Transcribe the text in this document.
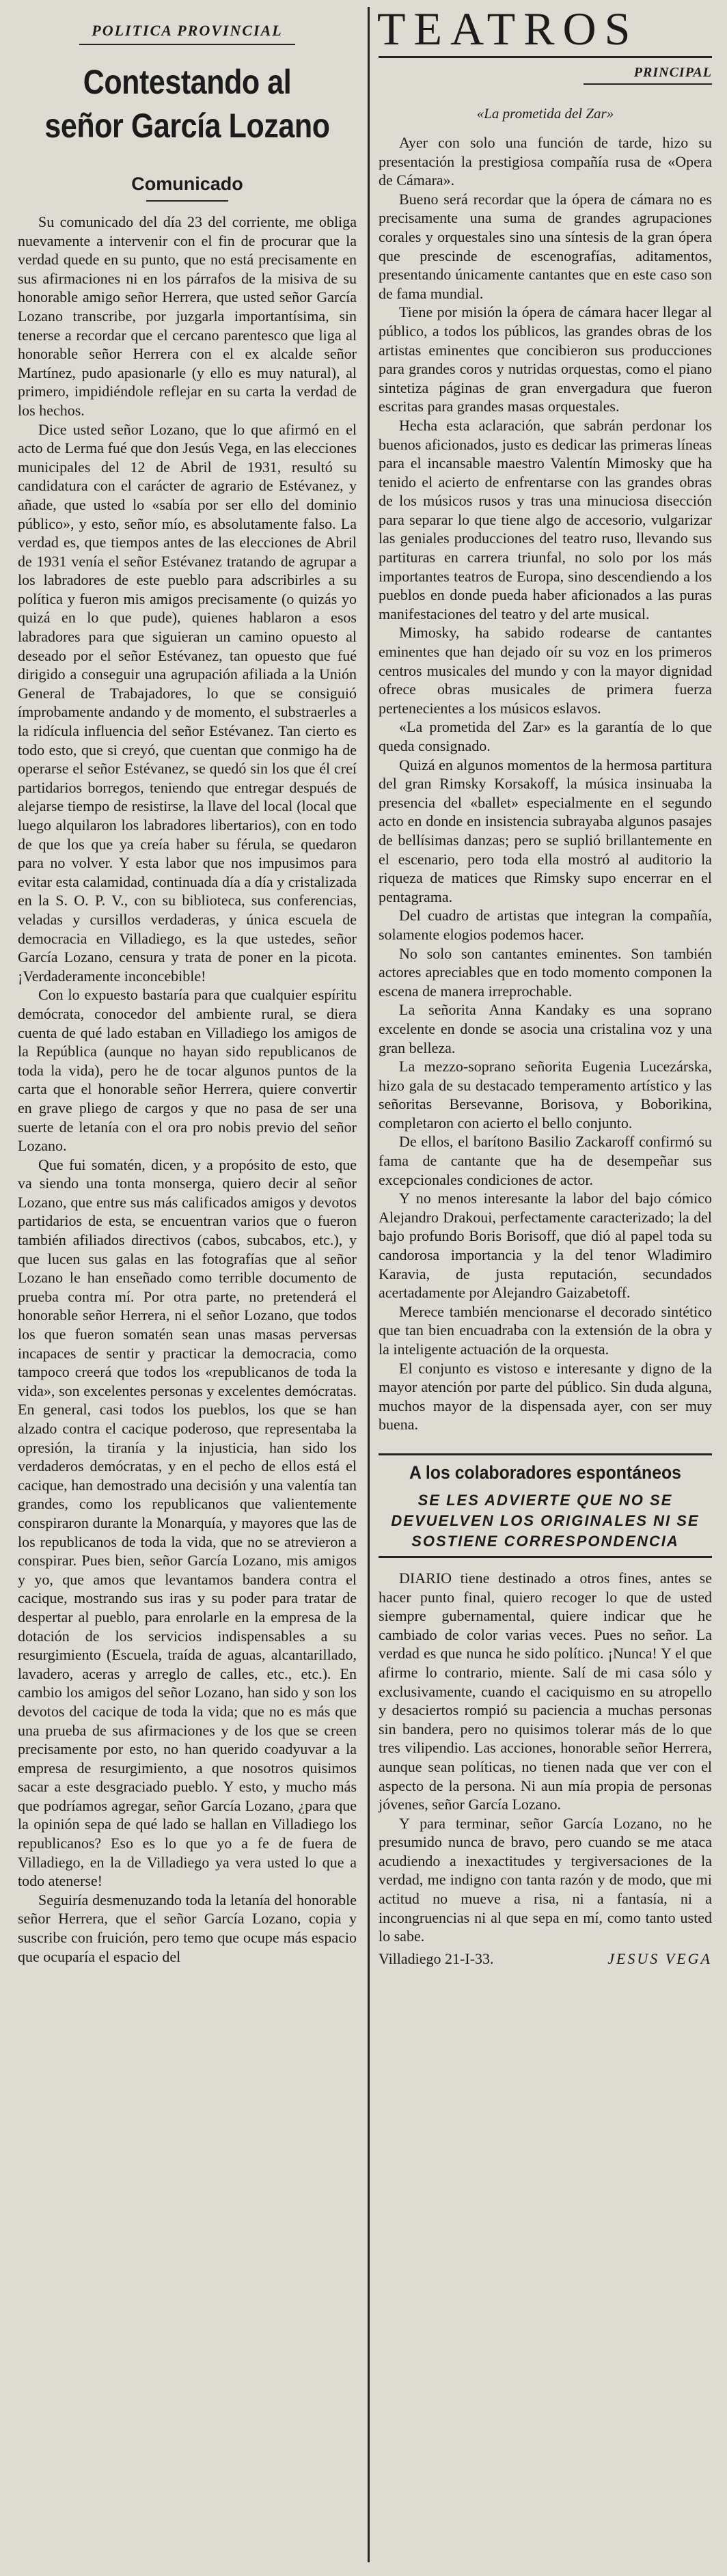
POLITICA PROVINCIAL
Contestando al señor García Lozano
Comunicado

Su comunicado del día 23 del corriente, me obliga nuevamente a intervenir con el fin de procurar que la verdad quede en su punto, que no está precisamente en sus afirmaciones ni en los párrafos de la misiva de su honorable amigo señor Herrera, que usted señor García Lozano transcribe, por juzgarla importantísima, sin tenerse a recordar que el cercano parentesco que liga al honorable señor Herrera con el ex alcalde señor Martínez, pudo apasionarle (y ello es muy natural), al primero, impidiéndole reflejar en su carta la verdad de los hechos.

Dice usted señor Lozano, que lo que afirmó en el acto de Lerma fué que don Jesús Vega, en las elecciones municipales del 12 de Abril de 1931, resultó su candidatura con el carácter de agrario de Estévanez, y añade, que usted lo «sabía por ser ello del dominio público», y esto, señor mío, es absolutamente falso. La verdad es, que tiempos antes de las elecciones de Abril de 1931 venía el señor Estévanez tratando de agrupar a los labradores de este pueblo para adscribirles a su política y fueron mis amigos precisamente (o quizás yo quizá en lo que pude), quienes hablaron a esos labradores para que siguieran un camino opuesto al deseado por el señor Estévanez, tan opuesto que fué dirigido a conseguir una agrupación afiliada a la Unión General de Trabajadores, lo que se consiguió ímprobamente andando y de momento, el substraerles a la ridícula influencia del señor Estévanez. Tan cierto es todo esto, que si creyó, que cuentan que conmigo ha de operarse el señor Estévanez, se quedó sin los que él creí partidarios borregos, teniendo que entregar después de alejarse tiempo de resistirse, la llave del local (local que luego alquilaron los labradores libertarios), con en todo de que los que ya creía haber su férula, se quedaron para no volver. Y esta labor que nos impusimos para evitar esta calamidad, continuada día a día y cristalizada en la S. O. P. V., con su biblioteca, sus conferencias, veladas y cursillos verdaderas, y única escuela de democracia en Villadiego, es la que ustedes, señor García Lozano, censura y trata de poner en la picota. ¡Verdaderamente inconcebible!

Con lo expuesto bastaría para que cualquier espíritu demócrata, conocedor del ambiente rural, se diera cuenta de qué lado estaban en Villadiego los amigos de la República (aunque no hayan sido republicanos de toda la vida), pero he de tocar algunos puntos de la carta que el honorable señor Herrera, quiere convertir en grave pliego de cargos y que no pasa de ser una suerte de letanía con el ora pro nobis previo del señor Lozano.

Que fui somatén, dicen, y a propósito de esto, que va siendo una tonta monserga, quiero decir al señor Lozano, que entre sus más calificados amigos y devotos partidarios de esta, se encuentran varios que o fueron también afiliados directivos (cabos, subcabos, etc.), y que lucen sus galas en las fotografías que al señor Lozano le han enseñado como terrible documento de prueba contra mí. Por otra parte, no pretenderá el honorable señor Herrera, ni el señor Lozano, que todos los que fueron somatén sean unas masas perversas incapaces de sentir y practicar la democracia, como tampoco creerá que todos los «republicanos de toda la vida», son excelentes personas y excelentes demócratas. En general, casi todos los pueblos, los que se han alzado contra el cacique poderoso, que representaba la opresión, la tiranía y la injusticia, han sido los verdaderos demócratas, y en el pecho de ellos está el cacique, han demostrado una decisión y una valentía tan grandes, como los republicanos que valientemente conspiraron durante la Monarquía, y mayores que las de los republicanos de toda la vida, que no se atrevieron a conspirar. Pues bien, señor García Lozano, mis amigos y yo, que amos que levantamos bandera contra el cacique, mostrando sus iras y su poder para tratar de despertar al pueblo, para enrolarle en la empresa de la dotación de los servicios indispensables a su resurgimiento (Escuela, traída de aguas, alcantarillado, lavadero, aceras y arreglo de calles, etc., etc.). En cambio los amigos del señor Lozano, han sido y son los devotos del cacique de toda la vida; que no es más que una prueba de sus afirmaciones y de los que se creen precisamente por esto, no han querido coadyuvar a la empresa de resurgimiento, a que nosotros quisimos sacar a este desgraciado pueblo. Y esto, y mucho más que podríamos agregar, señor García Lozano, ¿para que la opinión sepa de qué lado se hallan en Villadiego los republicanos? Eso es lo que yo a fe de fuera de Villadiego, en la de Villadiego ya vera usted lo que a todo atenerse!

Seguiría desmenuzando toda la letanía del honorable señor Herrera, que el señor García Lozano, copia y suscribe con fruición, pero temo que ocupe más espacio que ocuparía el espacio del

TEATROS
PRINCIPAL
«La prometida del Zar»

Ayer con solo una función de tarde, hizo su presentación la prestigiosa compañía rusa de «Opera de Cámara».

Bueno será recordar que la ópera de cámara no es precisamente una suma de grandes agrupaciones corales y orquestales sino una síntesis de la gran ópera que prescinde de escenografías, aditamentos, presentando únicamente cantantes que en este caso son de fama mundial.

Tiene por misión la ópera de cámara hacer llegar al público, a todos los públicos, las grandes obras de los artistas eminentes que concibieron sus producciones para grandes coros y nutridas orquestas, como el piano sintetiza páginas de gran envergadura que fueron escritas para grandes masas orquestales.

Hecha esta aclaración, que sabrán perdonar los buenos aficionados, justo es dedicar las primeras líneas para el incansable maestro Valentín Mimosky que ha tenido el acierto de enfrentarse con las grandes obras de los músicos rusos y tras una minuciosa disección para separar lo que tiene algo de accesorio, vulgarizar las geniales producciones del teatro ruso, llevando sus partituras en carrera triunfal, no solo por los más importantes teatros de Europa, sino descendiendo a los pueblos en donde pueda haber aficionados a las puras manifestaciones del teatro y del arte musical.

Mimosky, ha sabido rodearse de cantantes eminentes que han dejado oír su voz en los primeros centros musicales del mundo y con la mayor dignidad ofrece obras musicales de primera fuerza pertenecientes a los músicos eslavos.

«La prometida del Zar» es la garantía de lo que queda consignado.

Quizá en algunos momentos de la hermosa partitura del gran Rimsky Korsakoff, la música insinuaba la presencia del «ballet» especialmente en el segundo acto en donde en insistencia subrayaba algunos pasajes de bellísimas danzas; pero se suplió brillantemente en el escenario, pero toda ella mostró al auditorio la riqueza de matices que Rimsky supo encerrar en el pentagrama.

Del cuadro de artistas que integran la compañía, solamente elogios podemos hacer.

No solo son cantantes eminentes. Son también actores apreciables que en todo momento componen la escena de manera irreprochable.

La señorita Anna Kandaky es una soprano excelente en donde se asocia una cristalina voz y una gran belleza.

La mezzo-soprano señorita Eugenia Lucezárska, hizo gala de su destacado temperamento artístico y las señoritas Bersevanne, Borisova, y Boborikina, completaron con acierto el bello conjunto.

De ellos, el barítono Basilio Zackaroff confirmó su fama de cantante que ha de desempeñar sus excepcionales condiciones de actor.

Y no menos interesante la labor del bajo cómico Alejandro Drakoui, perfectamente caracterizado; la del bajo profundo Boris Borisoff, que dió al papel toda su candorosa importancia y la del tenor Wladimiro Karavia, de justa reputación, secundados acertadamente por Alejandro Gaizabetoff.

Merece también mencionarse el decorado sintético que tan bien encuadraba con la extensión de la obra y la inteligente actuación de la orquesta.

El conjunto es vistoso e interesante y digno de la mayor atención por parte del público. Sin duda alguna, muchos mayor de la dispensada ayer, con ser muy buena.

A los colaboradores espontáneos
SE LES ADVIERTE QUE NO SE DEVUELVEN LOS ORIGINALES NI SE SOSTIENE CORRESPONDENCIA

DIARIO tiene destinado a otros fines, antes se hacer punto final, quiero recoger lo que de usted siempre gubernamental, quiere indicar que he cambiado de color varias veces. Pues no señor. La verdad es que nunca he sido político. ¡Nunca! Y el que afirme lo contrario, miente. Salí de mi casa sólo y exclusivamente, cuando el caciquismo en su atropello y desaciertos rompió su paciencia a muchas personas sin bandera, pero no quisimos tolerar más de lo que tres vilipendio. Las acciones, honorable señor Herrera, aunque sean políticas, no tienen nada que ver con el aspecto de la persona. Ni aun mía propia de personas jóvenes, señor García Lozano.

Y para terminar, señor García Lozano, no he presumido nunca de bravo, pero cuando se me ataca acudiendo a inexactitudes y tergiversaciones de la verdad, me indigno con tanta razón y de modo, que mi actitud no mueve a risa, ni a fantasía, ni a incongruencias ni al que sepa en mí, como tanto usted lo sabe.

Villadiego 21-I-33.	JESUS VEGA
